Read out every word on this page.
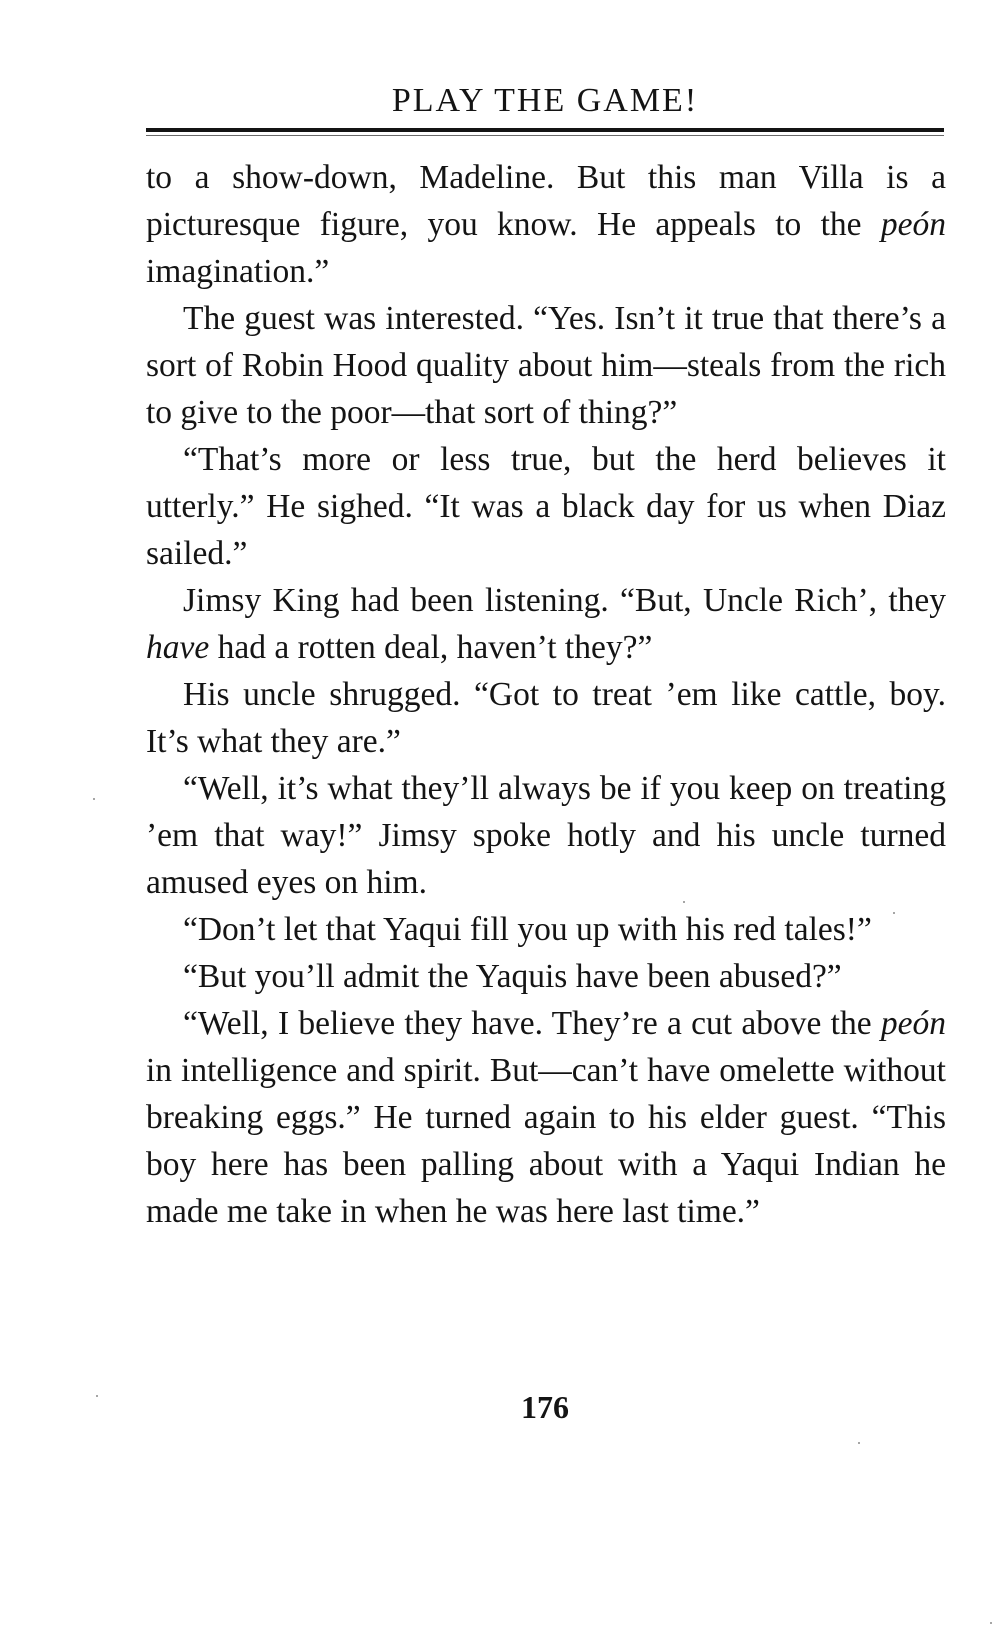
PLAY THE GAME!

to a show-down, Madeline. But this man Villa is a picturesque figure, you know. He appeals to the peón imagination.”

The guest was interested. “Yes. Isn’t it true that there’s a sort of Robin Hood quality about him—steals from the rich to give to the poor—that sort of thing?”

“That’s more or less true, but the herd believes it utterly.” He sighed. “It was a black day for us when Diaz sailed.”

Jimsy King had been listening. “But, Uncle Rich’, they have had a rotten deal, haven’t they?”

His uncle shrugged. “Got to treat ’em like cattle, boy. It’s what they are.”

“Well, it’s what they’ll always be if you keep on treating ’em that way!” Jimsy spoke hotly and his uncle turned amused eyes on him.

“Don’t let that Yaqui fill you up with his red tales!”

“But you’ll admit the Yaquis have been abused?”

“Well, I believe they have. They’re a cut above the peón in intelligence and spirit. But—can’t have omelette without breaking eggs.” He turned again to his elder guest. “This boy here has been palling about with a Yaqui Indian he made me take in when he was here last time.”

176
